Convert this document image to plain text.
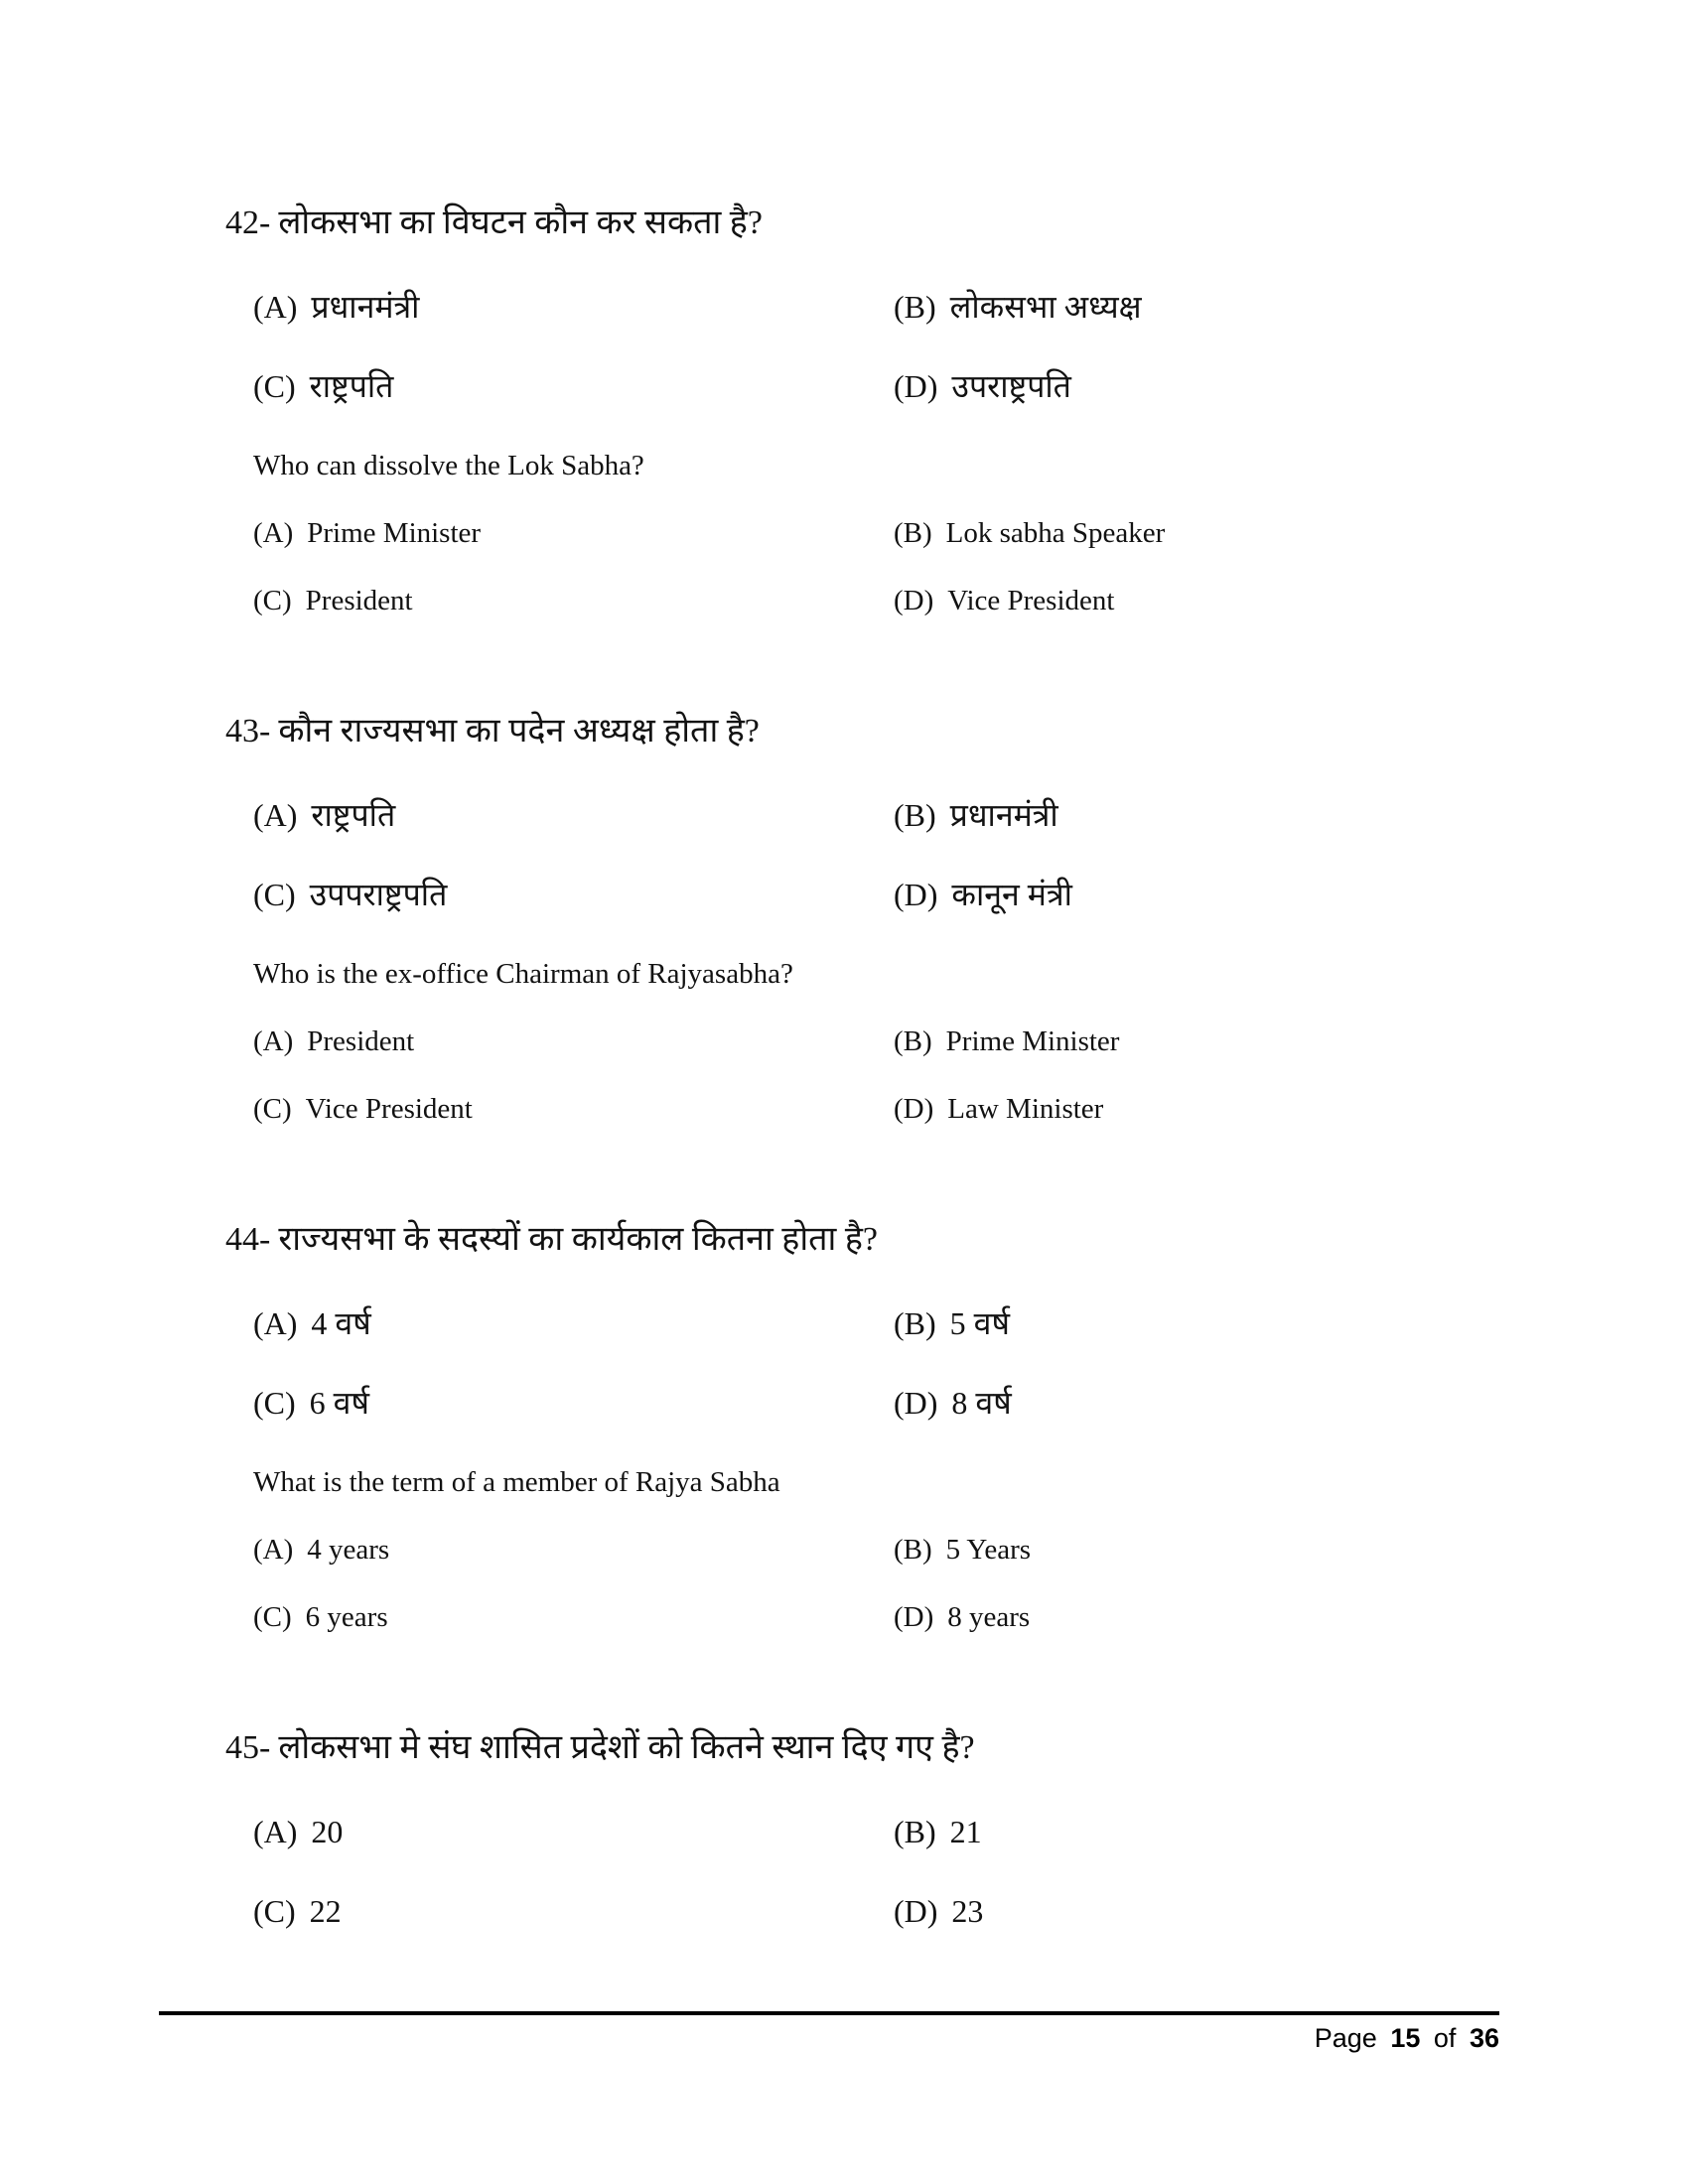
42- लोकसभा का विघटन कौन कर सकता है?
(A) प्रधानमंत्री	(B) लोकसभा अध्यक्ष
(C) राष्ट्रपति	(D) उपराष्ट्रपति
Who can dissolve the Lok Sabha?
(A) Prime Minister	(B) Lok sabha Speaker
(C) President	(D) Vice President
43- कौन राज्यसभा का पदेन अध्यक्ष होता है?
(A) राष्ट्रपति	(B) प्रधानमंत्री
(C) उपपराष्ट्रपति	(D) कानून मंत्री
Who is the ex-office Chairman of Rajyasabha?
(A) President	(B) Prime Minister
(C) Vice President	(D) Law Minister
44- राज्यसभा के सदस्यों का कार्यकाल कितना होता है?
(A) 4 वर्ष	(B) 5 वर्ष
(C) 6 वर्ष	(D) 8 वर्ष
What is the term of a member of Rajya Sabha
(A) 4 years	(B) 5 Years
(C) 6 years	(D) 8 years
45- लोकसभा मे संघ शासित प्रदेशों को कितने स्थान दिए गए है?
(A) 20	(B) 21
(C) 22	(D) 23
Page 15 of 36
